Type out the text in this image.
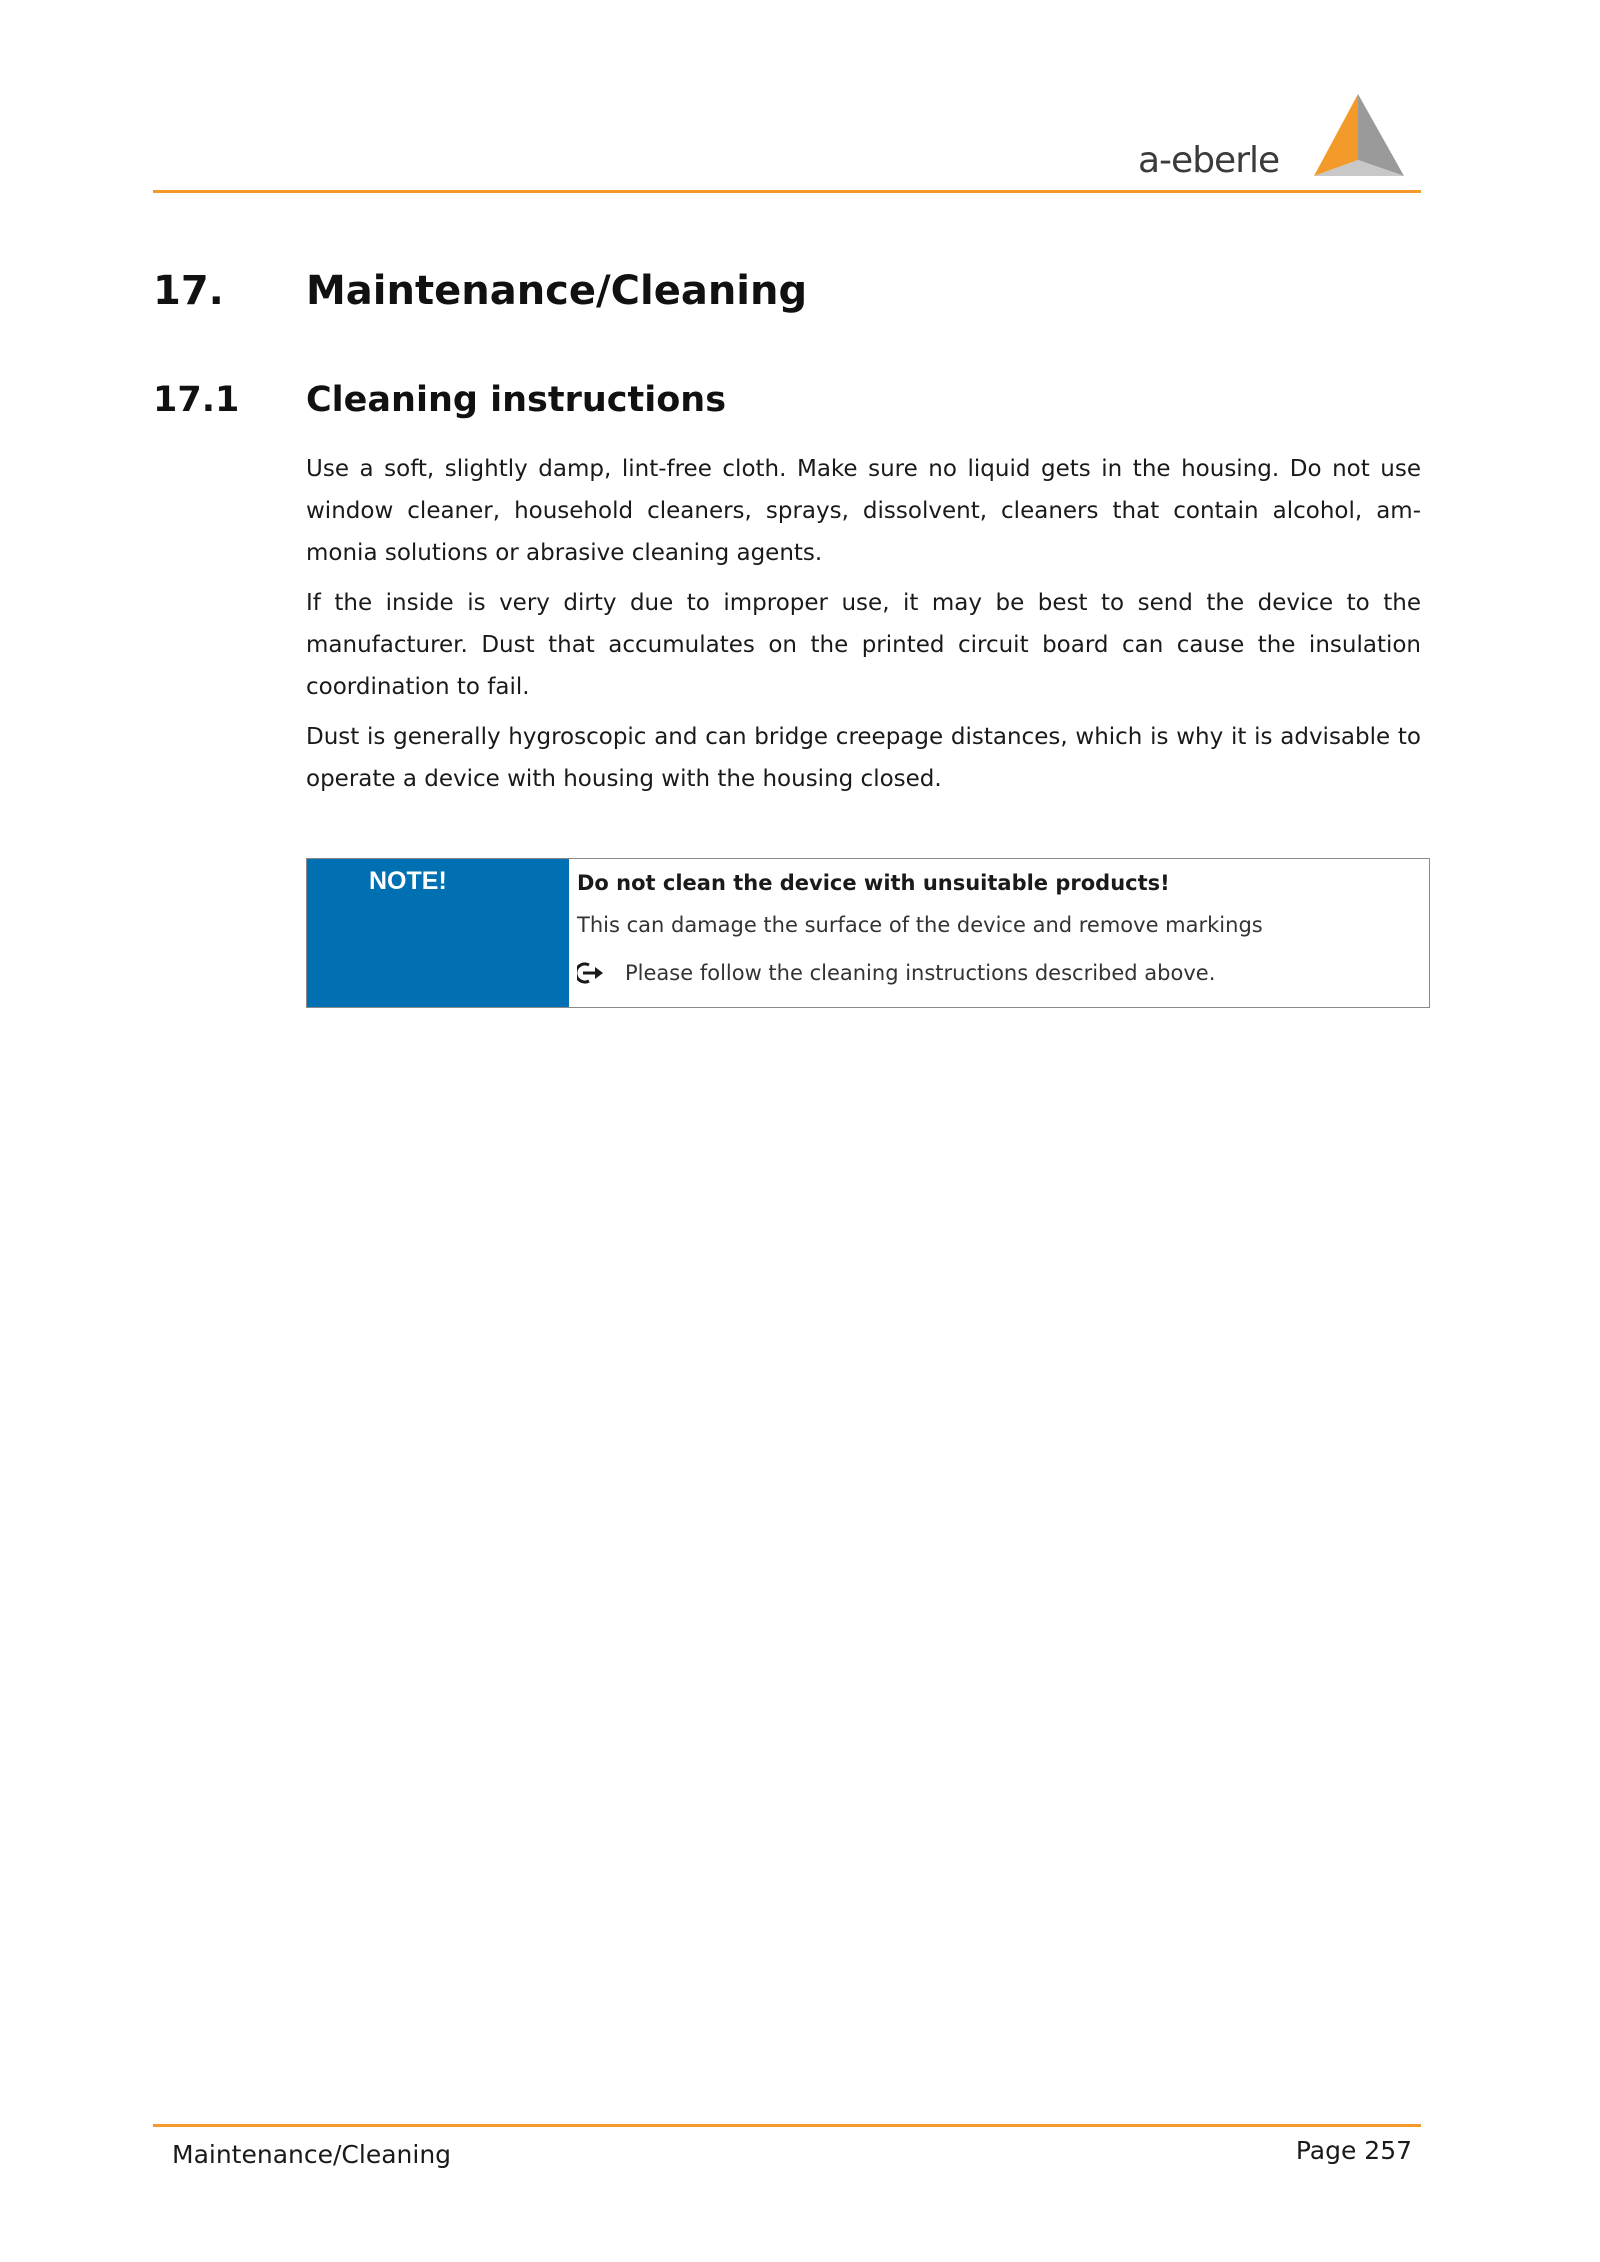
a-eberle
17. Maintenance/Cleaning
17.1 Cleaning instructions

Use a soft, slightly damp, lint-free cloth. Make sure no liquid gets in the housing. Do not use window cleaner, household cleaners, sprays, dissolvent, cleaners that contain alcohol, am-monia solutions or abrasive cleaning agents.

If the inside is very dirty due to improper use, it may be best to send the device to the manufacturer. Dust that accumulates on the printed circuit board can cause the insulation coordination to fail.

Dust is generally hygroscopic and can bridge creepage distances, which is why it is advisable to operate a device with housing with the housing closed.

NOTE!	Do not clean the device with unsuitable products!
This can damage the surface of the device and remove markings
Please follow the cleaning instructions described above.
Maintenance/Cleaning	Page 257
